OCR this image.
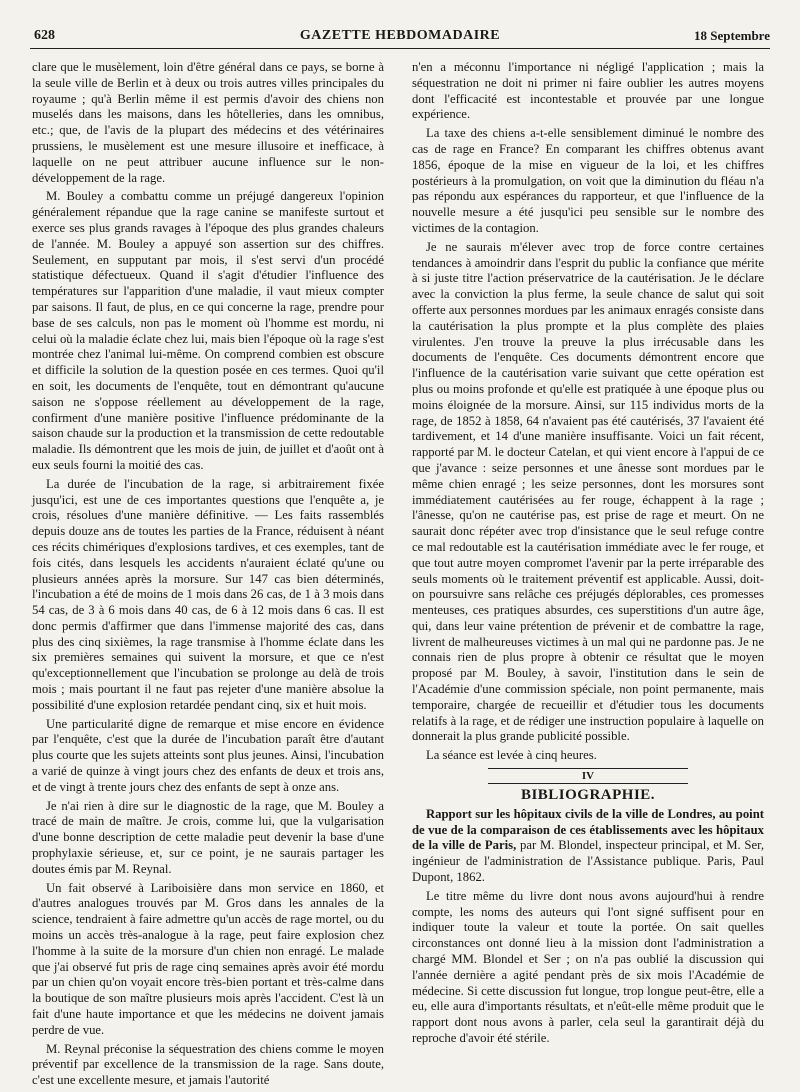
628	GAZETTE HEBDOMADAIRE	18 Septembre

clare que le musèlement, loin d'être général dans ce pays, se borne à la seule ville de Berlin et à deux ou trois autres villes principales du royaume ; qu'à Berlin même il est permis d'avoir des chiens non muselés dans les maisons, dans les hôtelleries, dans les omnibus, etc.; que, de l'avis de la plupart des médecins et des vétérinaires prussiens, le musèlement est une mesure illusoire et inefficace, à laquelle on ne peut attribuer aucune influence sur le non-développement de la rage.

M. Bouley a combattu comme un préjugé dangereux l'opinion généralement répandue que la rage canine se manifeste surtout et exerce ses plus grands ravages à l'époque des plus grandes chaleurs de l'année. M. Bouley a appuyé son assertion sur des chiffres. Seulement, en supputant par mois, il s'est servi d'un procédé statistique défectueux. Quand il s'agit d'étudier l'influence des températures sur l'apparition d'une maladie, il vaut mieux compter par saisons. Il faut, de plus, en ce qui concerne la rage, prendre pour base de ses calculs, non pas le moment où l'homme est mordu, ni celui où la maladie éclate chez lui, mais bien l'époque où la rage s'est montrée chez l'animal lui-même. On comprend combien est obscure et difficile la solution de la question posée en ces termes. Quoi qu'il en soit, les documents de l'enquête, tout en démontrant qu'aucune saison ne s'oppose réellement au développement de la rage, confirment d'une manière positive l'influence prédominante de la saison chaude sur la production et la transmission de cette redoutable maladie. Ils démontrent que les mois de juin, de juillet et d'août ont à eux seuls fourni la moitié des cas.

La durée de l'incubation de la rage, si arbitrairement fixée jusqu'ici, est une de ces importantes questions que l'enquête a, je crois, résolues d'une manière définitive. — Les faits rassemblés depuis douze ans de toutes les parties de la France, réduisent à néant ces récits chimériques d'explosions tardives, et ces exemples, tant de fois cités, dans lesquels les accidents n'auraient éclaté qu'une ou plusieurs années après la morsure. Sur 147 cas bien déterminés, l'incubation a été de moins de 1 mois dans 26 cas, de 1 à 3 mois dans 54 cas, de 3 à 6 mois dans 40 cas, de 6 à 12 mois dans 6 cas. Il est donc permis d'affirmer que dans l'immense majorité des cas, dans plus des cinq sixièmes, la rage transmise à l'homme éclate dans les six premières semaines qui suivent la morsure, et que ce n'est qu'exceptionnellement que l'incubation se prolonge au delà de trois mois ; mais pourtant il ne faut pas rejeter d'une manière absolue la possibilité d'une explosion retardée pendant cinq, six et huit mois.

Une particularité digne de remarque et mise encore en évidence par l'enquête, c'est que la durée de l'incubation paraît être d'autant plus courte que les sujets atteints sont plus jeunes. Ainsi, l'incubation a varié de quinze à vingt jours chez des enfants de deux et trois ans, et de vingt à trente jours chez des enfants de sept à onze ans.

Je n'ai rien à dire sur le diagnostic de la rage, que M. Bouley a tracé de main de maître. Je crois, comme lui, que la vulgarisation d'une bonne description de cette maladie peut devenir la base d'une prophylaxie sérieuse, et, sur ce point, je ne saurais partager les doutes émis par M. Reynal.

Un fait observé à Lariboisière dans mon service en 1860, et d'autres analogues trouvés par M. Gros dans les annales de la science, tendraient à faire admettre qu'un accès de rage mortel, ou du moins un accès très-analogue à la rage, peut faire explosion chez l'homme à la suite de la morsure d'un chien non enragé. Le malade que j'ai observé fut pris de rage cinq semaines après avoir été mordu par un chien qu'on voyait encore très-bien portant et très-calme dans la boutique de son maître plusieurs mois après l'accident. C'est là un fait d'une haute importance et que les médecins ne doivent jamais perdre de vue.

M. Reynal préconise la séquestration des chiens comme le moyen préventif par excellence de la transmission de la rage. Sans doute, c'est une excellente mesure, et jamais l'autorité

n'en a méconnu l'importance ni négligé l'application ; mais la séquestration ne doit ni primer ni faire oublier les autres moyens dont l'efficacité est incontestable et prouvée par une longue expérience.

La taxe des chiens a-t-elle sensiblement diminué le nombre des cas de rage en France? En comparant les chiffres obtenus avant 1856, époque de la mise en vigueur de la loi, et les chiffres postérieurs à la promulgation, on voit que la diminution du fléau n'a pas répondu aux espérances du rapporteur, et que l'influence de la nouvelle mesure a été jusqu'ici peu sensible sur le nombre des victimes de la contagion.

Je ne saurais m'élever avec trop de force contre certaines tendances à amoindrir dans l'esprit du public la confiance que mérite à si juste titre l'action préservatrice de la cautérisation. Je le déclare avec la conviction la plus ferme, la seule chance de salut qui soit offerte aux personnes mordues par les animaux enragés consiste dans la cautérisation la plus prompte et la plus complète des plaies virulentes. J'en trouve la preuve la plus irrécusable dans les documents de l'enquête. Ces documents démontrent encore que l'influence de la cautérisation varie suivant que cette opération est plus ou moins profonde et qu'elle est pratiquée à une époque plus ou moins éloignée de la morsure. Ainsi, sur 115 individus morts de la rage, de 1852 à 1858, 64 n'avaient pas été cautérisés, 37 l'avaient été tardivement, et 14 d'une manière insuffisante. Voici un fait récent, rapporté par M. le docteur Catelan, et qui vient encore à l'appui de ce que j'avance : seize personnes et une ânesse sont mordues par le même chien enragé ; les seize personnes, dont les morsures sont immédiatement cautérisées au fer rouge, échappent à la rage ; l'ânesse, qu'on ne cautérise pas, est prise de rage et meurt. On ne saurait donc répéter avec trop d'insistance que le seul refuge contre ce mal redoutable est la cautérisation immédiate avec le fer rouge, et que tout autre moyen compromet l'avenir par la perte irréparable des seuls moments où le traitement préventif est applicable. Aussi, doit-on poursuivre sans relâche ces préjugés déplorables, ces promesses menteuses, ces pratiques absurdes, ces superstitions d'un autre âge, qui, dans leur vaine prétention de prévenir et de combattre la rage, livrent de malheureuses victimes à un mal qui ne pardonne pas. Je ne connais rien de plus propre à obtenir ce résultat que le moyen proposé par M. Bouley, à savoir, l'institution dans le sein de l'Académie d'une commission spéciale, non point permanente, mais temporaire, chargée de recueillir et d'étudier tous les documents relatifs à la rage, et de rédiger une instruction populaire à laquelle on donnerait la plus grande publicité possible.

La séance est levée à cinq heures.

IV

BIBLIOGRAPHIE.

Rapport sur les hôpitaux civils de la ville de Londres, au point de vue de la comparaison de ces établissements avec les hôpitaux de la ville de Paris, par M. Blondel, inspecteur principal, et M. Ser, ingénieur de l'administration de l'Assistance publique. Paris, Paul Dupont, 1862.

Le titre même du livre dont nous avons aujourd'hui à rendre compte, les noms des auteurs qui l'ont signé suffisent pour en indiquer toute la valeur et toute la portée. On sait quelles circonstances ont donné lieu à la mission dont l'administration a chargé MM. Blondel et Ser ; on n'a pas oublié la discussion qui l'année dernière a agité pendant près de six mois l'Académie de médecine. Si cette discussion fut longue, trop longue peut-être, elle a eu, elle aura d'importants résultats, et n'eût-elle même produit que le rapport dont nous avons à parler, cela seul la garantirait déjà du reproche d'avoir été stérile.
